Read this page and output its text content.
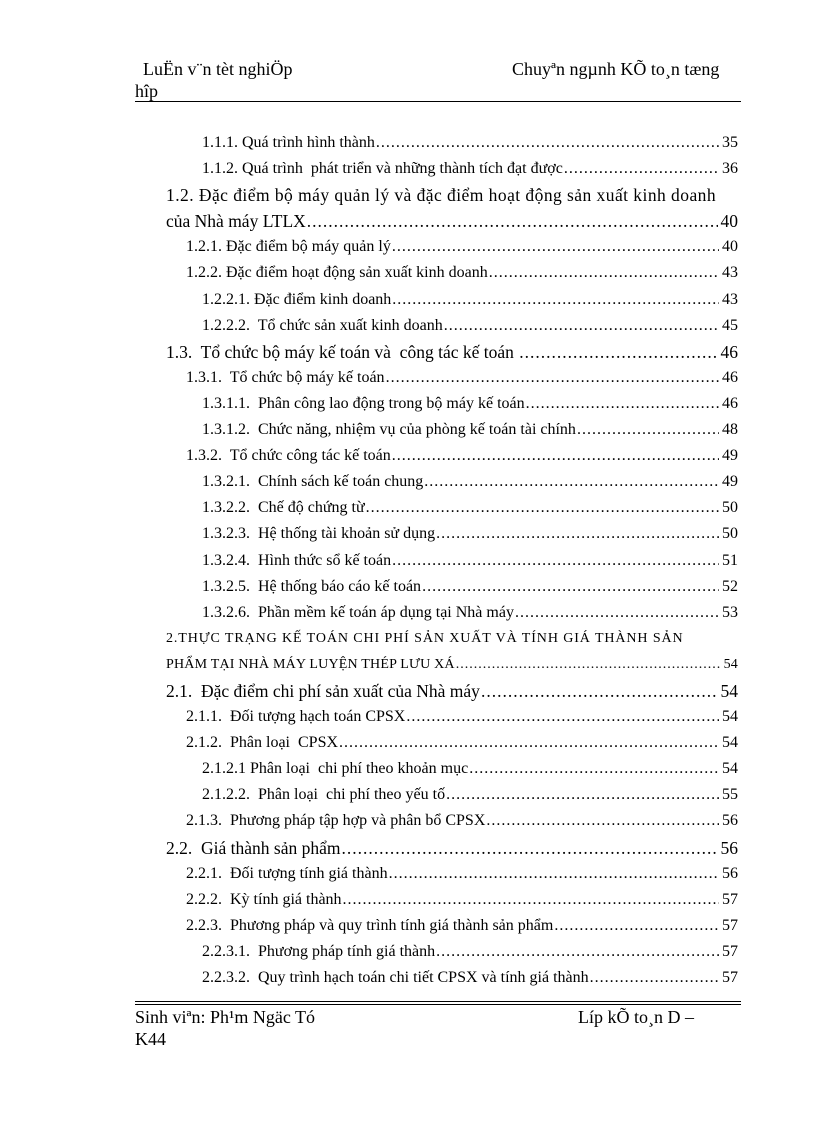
LuËn v¨n tèt nghiÖp
hîp
Chuyªn ngµnh KÕ to¸n tæng
1.1.1. Quá trình hình thành .....	35
1.1.2. Quá trình  phát triển và những thành tích đạt được .....	36
1.2. Đặc điểm bộ máy quản lý và đặc điểm hoạt động sản xuất kinh doanh
của Nhà máy LTLX .....	40
1.2.1. Đặc điểm bộ máy quản lý .....	40
1.2.2. Đặc điểm hoạt động sản xuất kinh doanh .....	43
1.2.2.1. Đặc điểm kinh doanh .....	43
1.2.2.2.  Tổ chức sản xuất kinh doanh .....	45
1.3.  Tổ chức bộ máy kế toán và  công tác kế toán .....	46
1.3.1.  Tổ chức bộ máy kế toán .....	46
1.3.1.1.  Phân công lao động trong bộ máy kế toán .....	46
1.3.1.2.  Chức năng, nhiệm vụ của phòng kế toán tài chính .....	48
1.3.2.  Tổ chức công tác kế toán .....	49
1.3.2.1.  Chính sách kế toán chung .....	49
1.3.2.2.  Chế độ chứng từ .....	50
1.3.2.3.  Hệ thống tài khoản sử dụng .....	50
1.3.2.4.  Hình thức sổ kế toán .....	51
1.3.2.5.  Hệ thống báo cáo kế toán .....	52
1.3.2.6.  Phần mềm kế toán áp dụng tại Nhà máy .....	53
2.THỰC TRẠNG KẾ TOÁN CHI PHÍ SẢN XUẤT VÀ TÍNH GIÁ THÀNH SẢN
PHẨM TẠI NHÀ MÁY LUYỆN THÉP LƯU XÁ .....	54
2.1.  Đặc điểm chi phí sản xuất của Nhà máy .....	54
2.1.1.  Đối tượng hạch toán CPSX .....	54
2.1.2.  Phân loại  CPSX .....	54
2.1.2.1 Phân loại  chi phí theo khoản mục .....	54
2.1.2.2.  Phân loại  chi phí theo yếu tố .....	55
2.1.3.  Phương pháp tập hợp và phân bổ CPSX .....	56
2.2.  Giá thành sản phẩm .....	56
2.2.1.  Đối tượng tính giá thành .....	56
2.2.2.  Kỳ tính giá thành .....	57
2.2.3.  Phương pháp và quy trình tính giá thành sản phẩm .....	57
2.2.3.1.  Phương pháp tính giá thành .....	57
2.2.3.2.  Quy trình hạch toán chi tiết CPSX và tính giá thành .....	57
Sinh viªn: Ph¹m Ngäc Tó
K44
Líp kÕ to¸n D –
